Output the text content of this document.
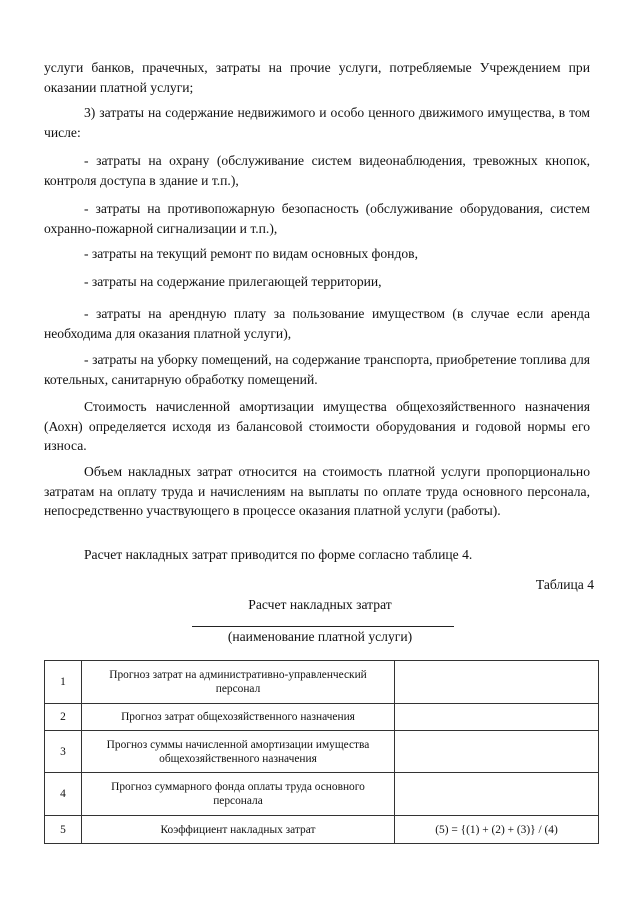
услуги банков, прачечных, затраты на прочие услуги, потребляемые Учреждением при оказании платной услуги;

3) затраты на содержание недвижимого и особо ценного движимого имущества, в том числе:

- затраты на охрану (обслуживание систем видеонаблюдения, тревожных кнопок, контроля доступа в здание и т.п.),

- затраты на противопожарную безопасность (обслуживание оборудования, систем охранно-пожарной сигнализации и т.п.),

- затраты на текущий ремонт по видам основных фондов,

- затраты на содержание прилегающей территории,

- затраты на арендную плату за пользование имуществом (в случае если аренда необходима для оказания платной услуги),

- затраты на уборку помещений, на содержание транспорта, приобретение топлива для котельных, санитарную обработку помещений.

Стоимость начисленной амортизации имущества общехозяйственного назначения (Аохн) определяется исходя из балансовой стоимости оборудования и годовой нормы его износа.

Объем накладных затрат относится на стоимость платной услуги пропорционально затратам на оплату труда и начислениям на выплаты по оплате труда основного персонала, непосредственно участвующего в процессе оказания платной услуги (работы).

Расчет накладных затрат приводится по форме согласно таблице 4.

Таблица 4

Расчет накладных затрат

(наименование платной услуги)

1	Прогноз затрат на административно-управленческий персонал	
2	Прогноз затрат общехозяйственного назначения	
3	Прогноз суммы начисленной амортизации имущества общехозяйственного назначения	
4	Прогноз суммарного фонда оплаты труда основного персонала	
5	Коэффициент накладных затрат	(5) = {(1) + (2) + (3)} / (4)
